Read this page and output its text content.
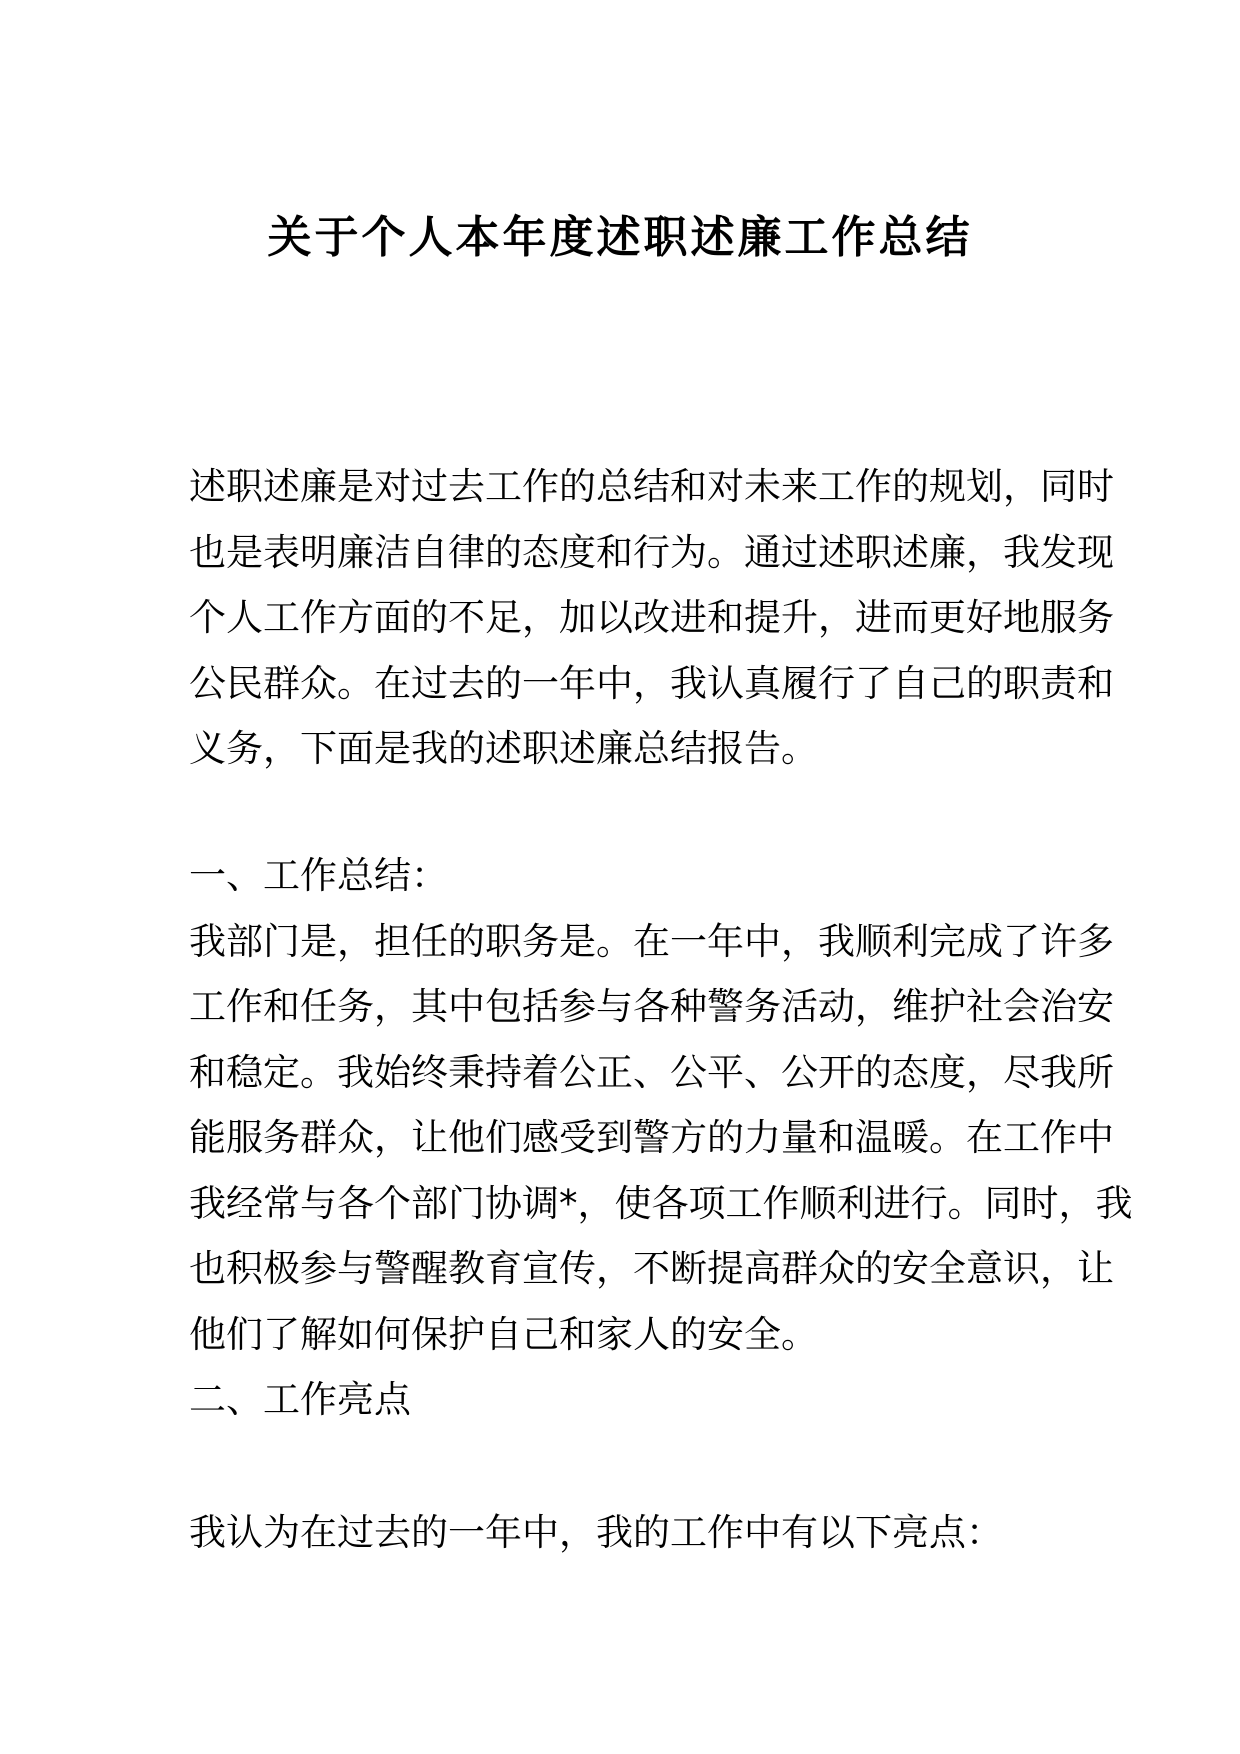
关于个人本年度述职述廉工作总结
述职述廉是对过去工作的总结和对未来工作的规划，同时
也是表明廉洁自律的态度和行为。通过述职述廉，我发现
个人工作方面的不足，加以改进和提升，进而更好地服务
公民群众。在过去的一年中，我认真履行了自己的职责和
义务，下面是我的述职述廉总结报告。
一、工作总结：
我部门是，担任的职务是。在一年中，我顺利完成了许多
工作和任务，其中包括参与各种警务活动，维护社会治安
和稳定。我始终秉持着公正、公平、公开的态度，尽我所
能服务群众，让他们感受到警方的力量和温暖。在工作中
我经常与各个部门协调*，使各项工作顺利进行。同时，我
也积极参与警醒教育宣传，不断提高群众的安全意识，让
他们了解如何保护自己和家人的安全。
二、工作亮点
我认为在过去的一年中，我的工作中有以下亮点：
